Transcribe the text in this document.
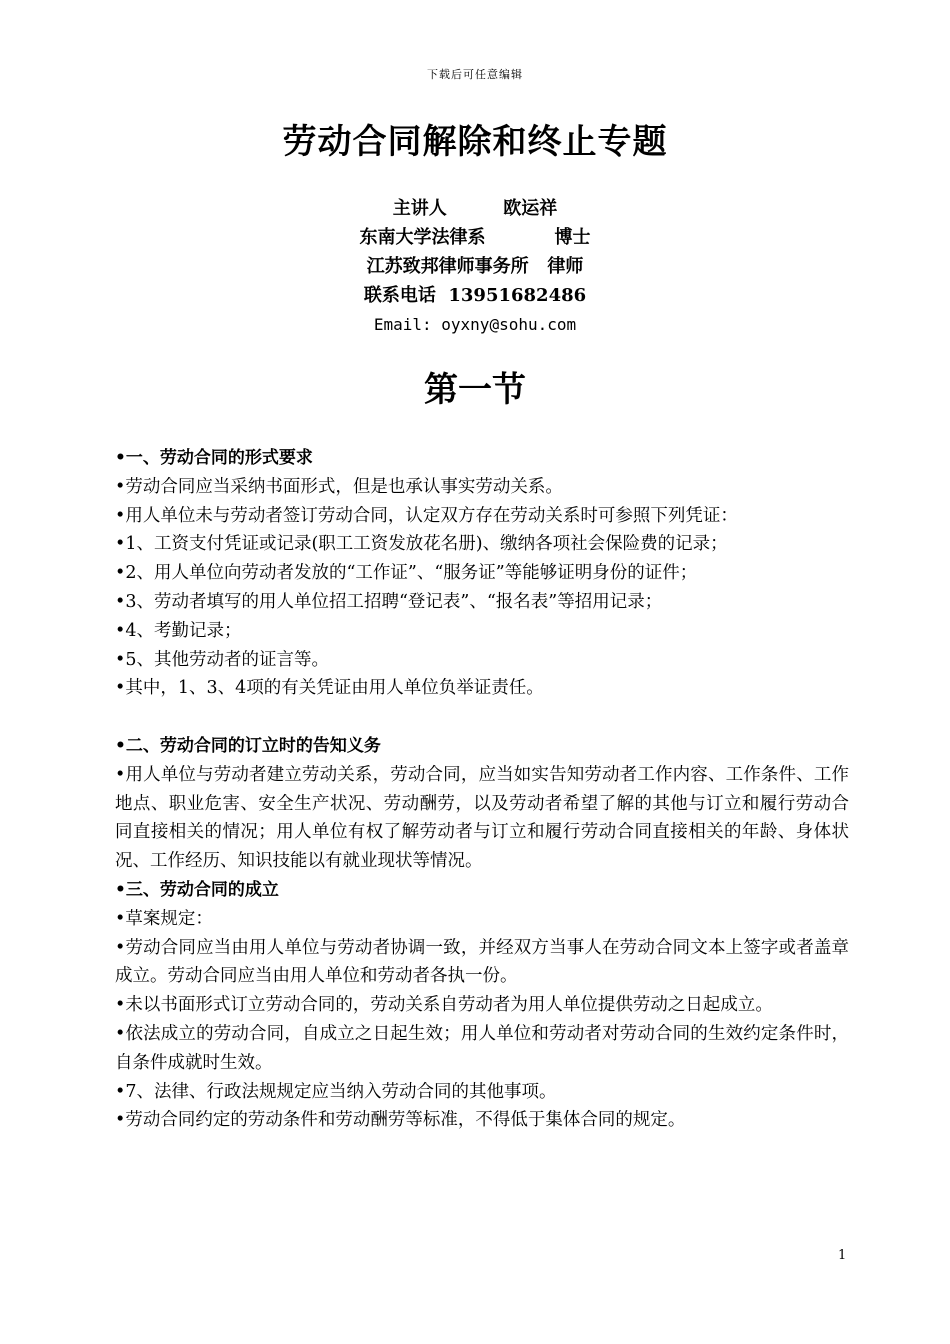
下载后可任意编辑
劳动合同解除和终止专题
主讲人         欧运祥
东南大学法律系           博士
江苏致邦律师事务所   律师
联系电话  13951682486
Email: oyxny@sohu.com
第一节

•一、劳动合同的形式要求

•劳动合同应当采纳书面形式，但是也承认事实劳动关系。

•用人单位未与劳动者签订劳动合同，认定双方存在劳动关系时可参照下列凭证：

•1、工资支付凭证或记录(职工工资发放花名册)、缴纳各项社会保险费的记录；

•2、用人单位向劳动者发放的“工作证”、“服务证”等能够证明身份的证件；

•3、劳动者填写的用人单位招工招聘“登记表”、“报名表”等招用记录；

•4、考勤记录；

•5、其他劳动者的证言等。

•其中，1、3、4项的有关凭证由用人单位负举证责任。

•二、劳动合同的订立时的告知义务

•用人单位与劳动者建立劳动关系，劳动合同，应当如实告知劳动者工作内容、工作条件、工作地点、职业危害、安全生产状况、劳动酬劳，以及劳动者希望了解的其他与订立和履行劳动合同直接相关的情况；用人单位有权了解劳动者与订立和履行劳动合同直接相关的年龄、身体状况、工作经历、知识技能以有就业现状等情况。

•三、劳动合同的成立

•草案规定：

•劳动合同应当由用人单位与劳动者协调一致，并经双方当事人在劳动合同文本上签字或者盖章成立。劳动合同应当由用人单位和劳动者各执一份。

•未以书面形式订立劳动合同的，劳动关系自劳动者为用人单位提供劳动之日起成立。

•依法成立的劳动合同，自成立之日起生效；用人单位和劳动者对劳动合同的生效约定条件时，自条件成就时生效。

•7、法律、行政法规规定应当纳入劳动合同的其他事项。

•劳动合同约定的劳动条件和劳动酬劳等标准，不得低于集体合同的规定。

1
